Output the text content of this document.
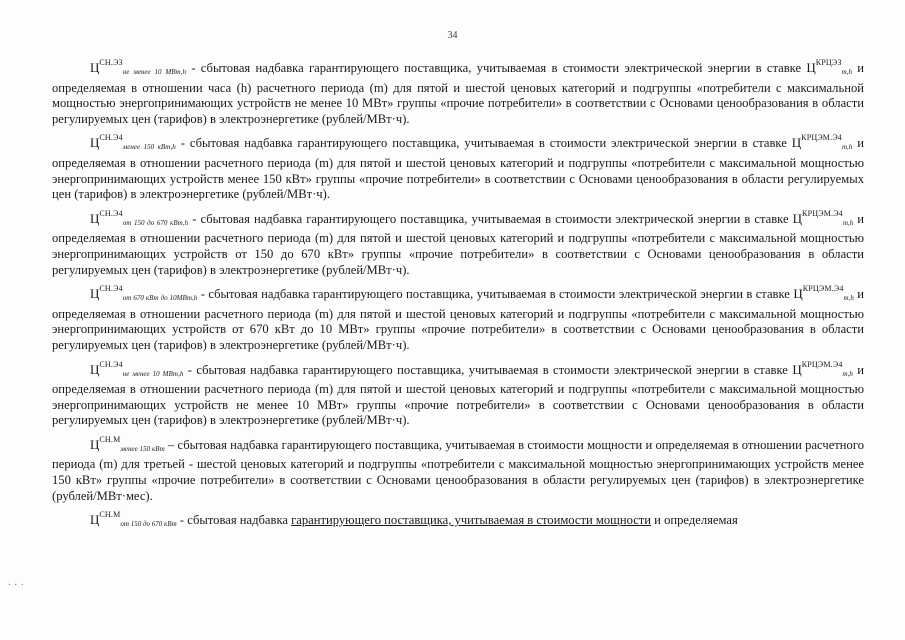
34

$Ц^{СН.ЭЗ}_{не менее 10 МВт,h}$ - сбытовая надбавка гарантирующего поставщика, учитываемая в стоимости электрической энергии в ставке $Ц^{КРЦЭЗ}_{m,h}$ и определяемая в отношении часа (h) расчетного периода (m) для пятой и шестой ценовых категорий и подгруппы «потребители с максимальной мощностью энергопринимающих устройств не менее 10 МВт» группы «прочие потребители» в соответствии с Основами ценообразования в области регулируемых цен (тарифов) в электроэнергетике (рублей/МВт·ч).

$Ц^{СН.Э4}_{менее 150 кВт,h}$ - сбытовая надбавка гарантирующего поставщика, учитываемая в стоимости электрической энергии в ставке $Ц^{КРЦЭМ.Э4}_{m,h}$ и определяемая в отношении расчетного периода (m) для пятой и шестой ценовых категорий и подгруппы «потребители с максимальной мощностью энергопринимающих устройств менее 150 кВт» группы «прочие потребители» в соответствии с Основами ценообразования в области регулируемых цен (тарифов) в электроэнергетике (рублей/МВт·ч).

$Ц^{СН.Э4}_{от 150 до 670 кВт,h}$ - сбытовая надбавка гарантирующего поставщика, учитываемая в стоимости электрической энергии в ставке $Ц^{КРЦЭМ.Э4}_{m,h}$ и определяемая в отношении расчетного периода (m) для пятой и шестой ценовых категорий и подгруппы «потребители с максимальной мощностью энергопринимающих устройств от 150 до 670 кВт» группы «прочие потребители» в соответствии с Основами ценообразования в области регулируемых цен (тарифов) в электроэнергетике (рублей/МВт·ч).

$Ц^{СН.Э4}_{от 670 кВт до 10МВт,h}$ - сбытовая надбавка гарантирующего поставщика, учитываемая в стоимости электрической энергии в ставке $Ц^{КРЦЭМ.Э4}_{m,h}$ и определяемая в отношении расчетного периода (m) для пятой и шестой ценовых категорий и подгруппы «потребители с максимальной мощностью энергопринимающих устройств от 670 кВт до 10 МВт» группы «прочие потребители» в соответствии с Основами ценообразования в области регулируемых цен (тарифов) в электроэнергетике (рублей/МВт·ч).

$Ц^{СН.Э4}_{не менее 10 МВт,h}$ - сбытовая надбавка гарантирующего поставщика, учитываемая в стоимости электрической энергии в ставке $Ц^{КРЦЭМ.Э4}_{m,h}$ и определяемая в отношении расчетного периода (m) для пятой и шестой ценовых категорий и подгруппы «потребители с максимальной мощностью энергопринимающих устройств не менее 10 МВт» группы «прочие потребители» в соответствии с Основами ценообразования в области регулируемых цен (тарифов) в электроэнергетике (рублей/МВт·ч).

$Ц^{СН.М}_{менее 150 кВт}$ – сбытовая надбавка гарантирующего поставщика, учитываемая в стоимости мощности и определяемая в отношении расчетного периода (m) для третьей - шестой ценовых категорий и подгруппы «потребители с максимальной мощностью энергопринимающих устройств менее 150 кВт» группы «прочие потребители» в соответствии с Основами ценообразования в области регулируемых цен (тарифов) в электроэнергетике (рублей/МВт·мес).

$Ц^{СН.М}_{от 150 до 670 кВт}$ - сбытовая надбавка гарантирующего поставщика, учитываемая в стоимости мощности и определяемая

...
